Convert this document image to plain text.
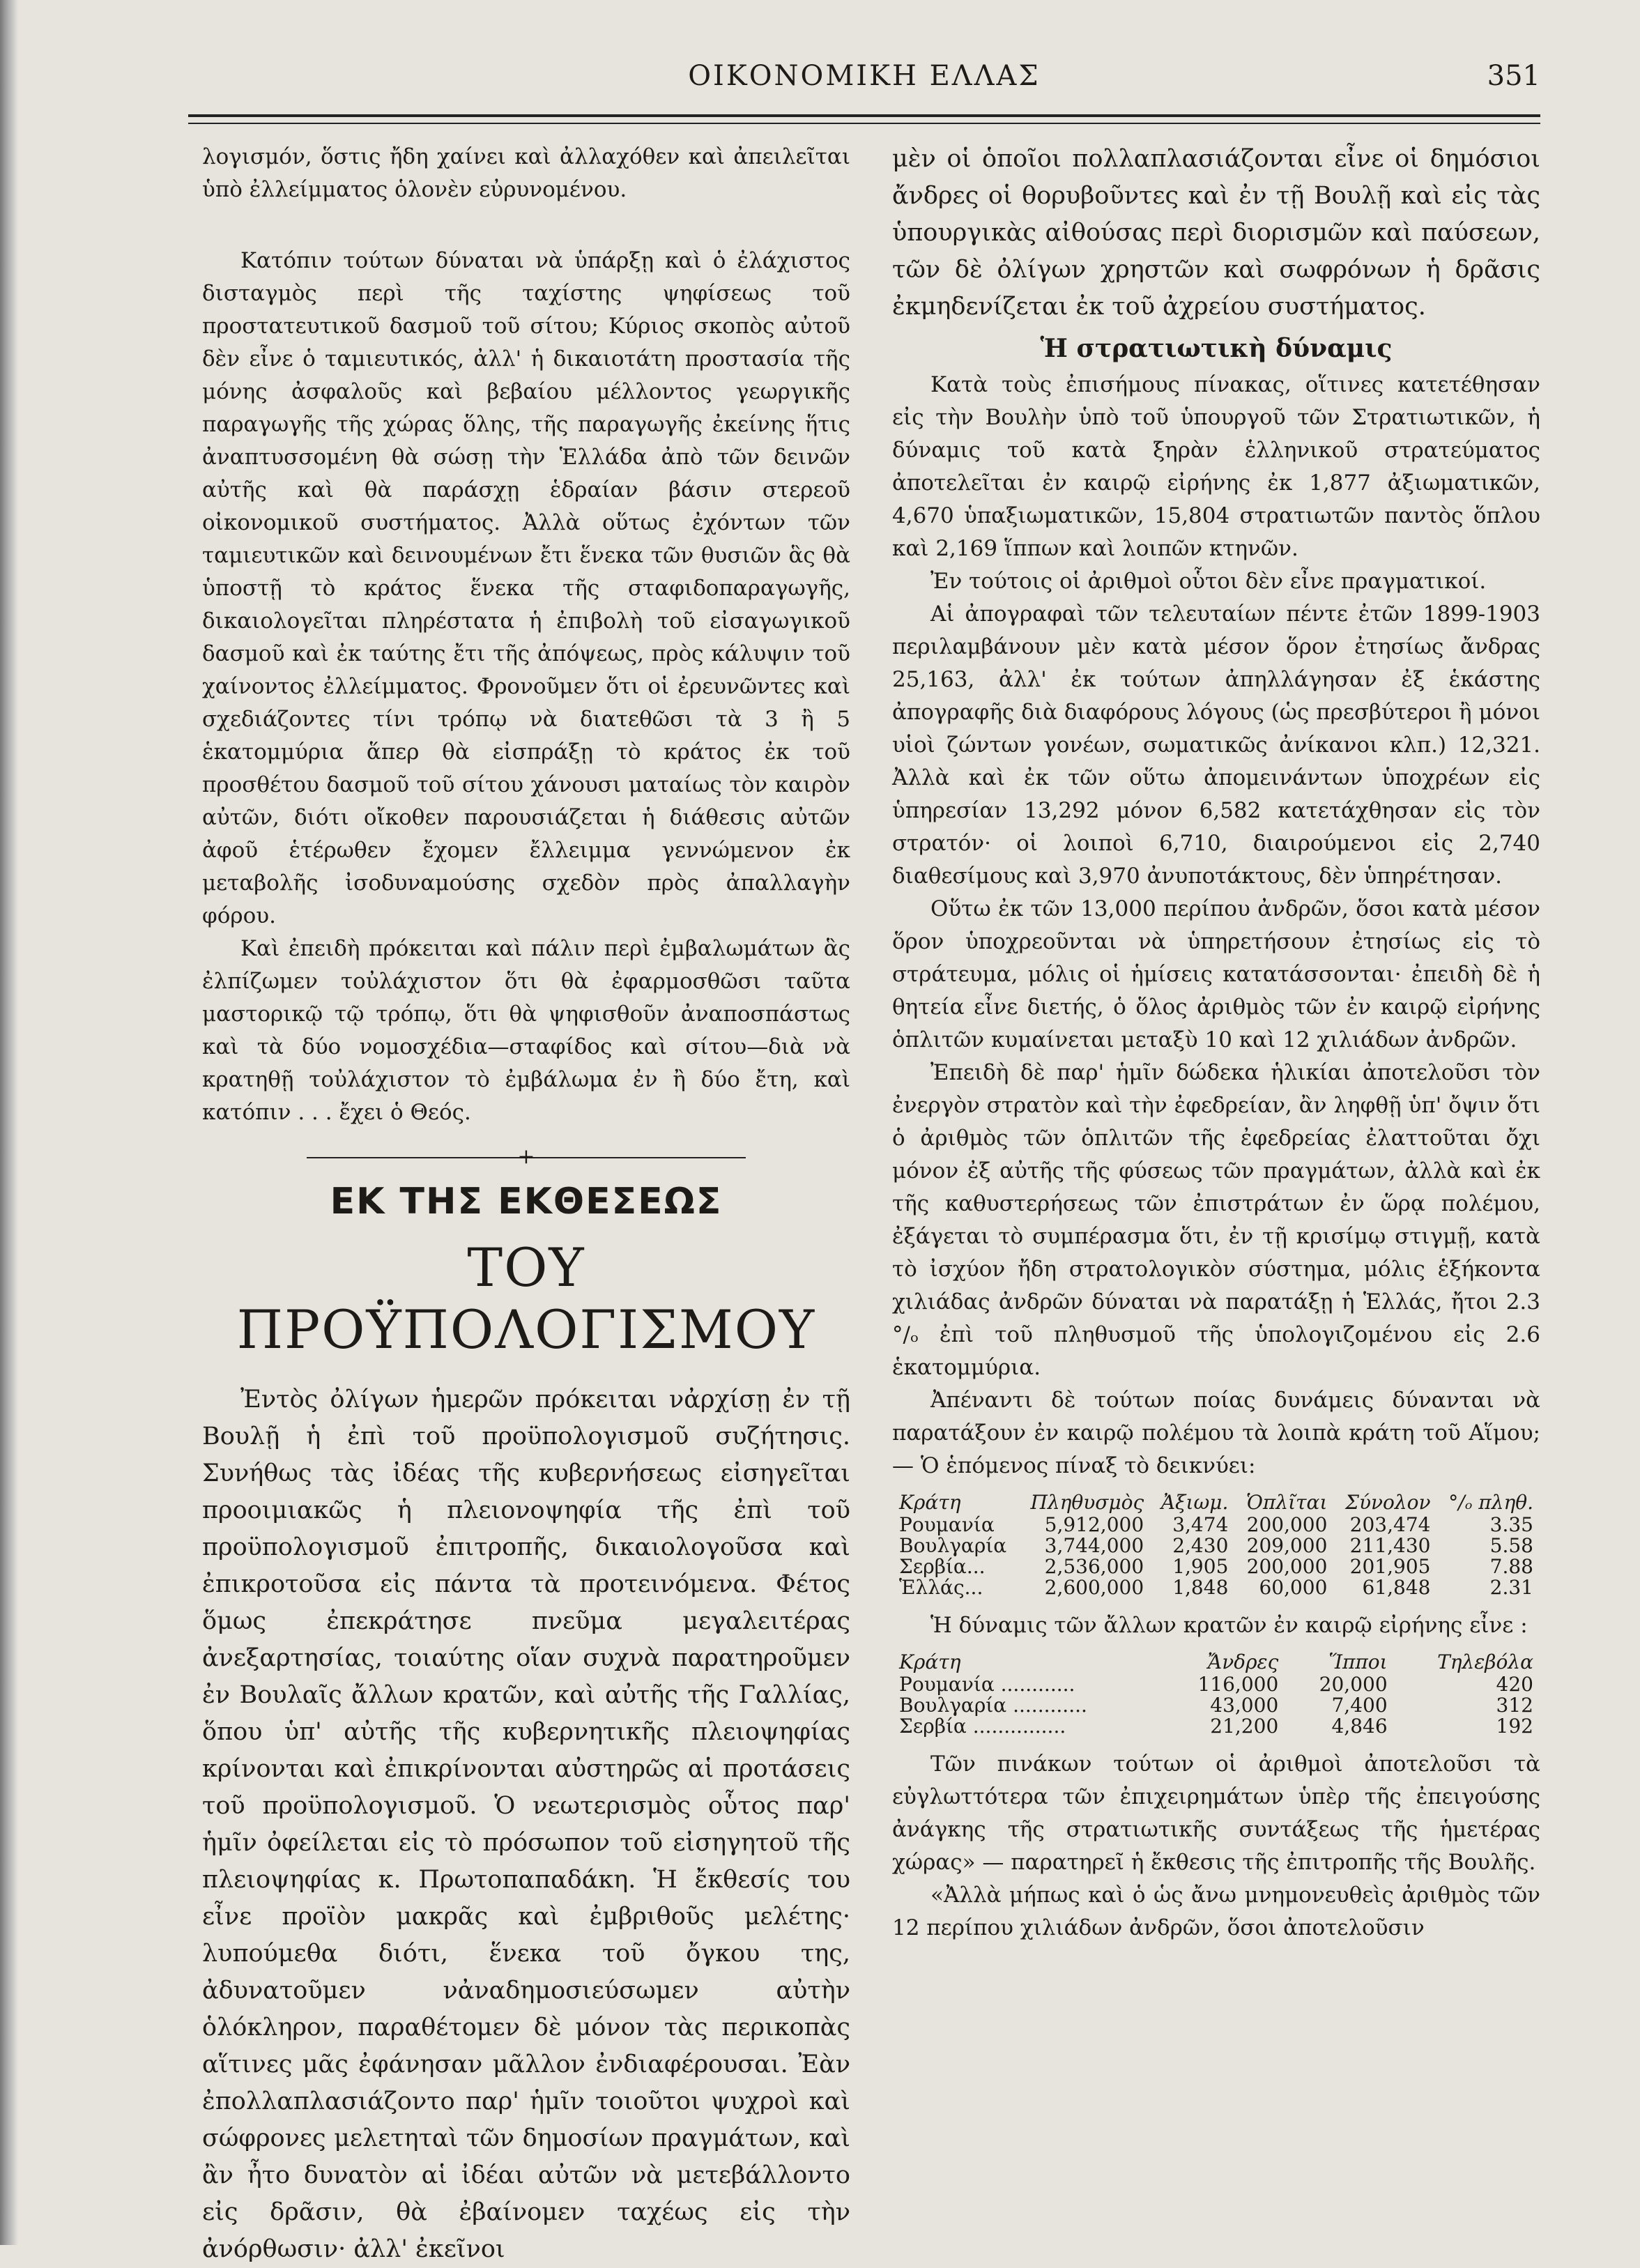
ΟΙΚΟΝΟΜΙΚΗ ΕΛΛΑΣ	351

λογισμόν, ὅστις ἤδη χαίνει καὶ ἀλλαχόθεν καὶ ἀπειλεῖται ὑπὸ ἐλλείμματος ὁλονὲν εὐρυνομένου.

Κατόπιν τούτων δύναται νὰ ὑπάρξῃ καὶ ὁ ἐλάχιστος δισταγμὸς περὶ τῆς ταχίστης ψηφίσεως τοῦ προστατευτικοῦ δασμοῦ τοῦ σίτου; Κύριος σκοπὸς αὐτοῦ δὲν εἶνε ὁ ταμιευτικός, ἀλλ' ἡ δικαιοτάτη προστασία τῆς μόνης ἀσφαλοῦς καὶ βεβαίου μέλλοντος γεωργικῆς παραγωγῆς τῆς χώρας ὅλης, τῆς παραγωγῆς ἐκείνης ἥτις ἀναπτυσσομένη θὰ σώσῃ τὴν Ἑλλάδα ἀπὸ τῶν δεινῶν αὐτῆς καὶ θὰ παράσχῃ ἑδραίαν βάσιν στερεοῦ οἰκονομικοῦ συστήματος. Ἀλλὰ οὕτως ἐχόντων τῶν ταμιευτικῶν καὶ δεινουμένων ἔτι ἕνεκα τῶν θυσιῶν ἃς θὰ ὑποστῇ τὸ κράτος ἕνεκα τῆς σταφιδοπαραγωγῆς, δικαιολογεῖται πληρέστατα ἡ ἐπιβολὴ τοῦ εἰσαγωγικοῦ δασμοῦ καὶ ἐκ ταύτης ἔτι τῆς ἀπόψεως, πρὸς κάλυψιν τοῦ χαίνοντος ἐλλείμματος. Φρονοῦμεν ὅτι οἱ ἐρευνῶντες καὶ σχεδιάζοντες τίνι τρόπῳ νὰ διατεθῶσι τὰ 3 ἢ 5 ἑκατομμύρια ἅπερ θὰ εἰσπράξῃ τὸ κράτος ἐκ τοῦ προσθέτου δασμοῦ τοῦ σίτου χάνουσι ματαίως τὸν καιρὸν αὐτῶν, διότι οἴκοθεν παρουσιάζεται ἡ διάθεσις αὐτῶν ἀφοῦ ἑτέρωθεν ἔχομεν ἔλλειμμα γεννώμενον ἐκ μεταβολῆς ἰσοδυναμούσης σχεδὸν πρὸς ἀπαλλαγὴν φόρου.

Καὶ ἐπειδὴ πρόκειται καὶ πάλιν περὶ ἐμβαλωμάτων ἃς ἐλπίζωμεν τοὐλάχιστον ὅτι θὰ ἐφαρμοσθῶσι ταῦτα μαστορικῷ τῷ τρόπῳ, ὅτι θὰ ψηφισθοῦν ἀναποσπάστως καὶ τὰ δύο νομοσχέδια—σταφίδος καὶ σίτου—διὰ νὰ κρατηθῇ τοὐλάχιστον τὸ ἐμβάλωμα ἐν ἢ δύο ἔτη, καὶ κατόπιν . . . ἔχει ὁ Θεός.

+
ΕΚ ΤΗΣ ΕΚΘΕΣΕΩΣ
ΤΟΥ ΠΡΟΫΠΟΛΟΓΙΣΜΟΥ

Ἐντὸς ὀλίγων ἡμερῶν πρόκειται νἀρχίσῃ ἐν τῇ Βουλῇ ἡ ἐπὶ τοῦ προϋπολογισμοῦ συζήτησις. Συνήθως τὰς ἰδέας τῆς κυβερνήσεως εἰσηγεῖται προοιμιακῶς ἡ πλειονοψηφία τῆς ἐπὶ τοῦ προϋπολογισμοῦ ἐπιτροπῆς, δικαιολογοῦσα καὶ ἐπικροτοῦσα εἰς πάντα τὰ προτεινόμενα. Φέτος ὅμως ἐπεκράτησε πνεῦμα μεγαλειτέρας ἀνεξαρτησίας, τοιαύτης οἵαν συχνὰ παρατηροῦμεν ἐν Βουλαῖς ἄλλων κρατῶν, καὶ αὐτῆς τῆς Γαλλίας, ὅπου ὑπ' αὐτῆς τῆς κυβερνητικῆς πλειοψηφίας κρίνονται καὶ ἐπικρίνονται αὐστηρῶς αἱ προτάσεις τοῦ προϋπολογισμοῦ. Ὁ νεωτερισμὸς οὗτος παρ' ἡμῖν ὀφείλεται εἰς τὸ πρόσωπον τοῦ εἰσηγητοῦ τῆς πλειοψηφίας κ. Πρωτοπαπαδάκη. Ἡ ἔκθεσίς του εἶνε προϊὸν μακρᾶς καὶ ἐμβριθοῦς μελέτης· λυπούμεθα διότι, ἕνεκα τοῦ ὄγκου της, ἀδυνατοῦμεν νἀναδημοσιεύσωμεν αὐτὴν ὁλόκληρον, παραθέτομεν δὲ μόνον τὰς περικοπὰς αἵτινες μᾶς ἐφάνησαν μᾶλλον ἐνδιαφέρουσαι. Ἐὰν ἐπολλαπλασιάζοντο παρ' ἡμῖν τοιοῦτοι ψυχροὶ καὶ σώφρονες μελετηταὶ τῶν δημοσίων πραγμάτων, καὶ ἂν ἦτο δυνατὸν αἱ ἰδέαι αὐτῶν νὰ μετεβάλλοντο εἰς δρᾶσιν, θὰ ἐβαίνομεν ταχέως εἰς τὴν ἀνόρθωσιν· ἀλλ' ἐκεῖνοι

μὲν οἱ ὁποῖοι πολλαπλασιάζονται εἶνε οἱ δημόσιοι ἄνδρες οἱ θορυβοῦντες καὶ ἐν τῇ Βουλῇ καὶ εἰς τὰς ὑπουργικὰς αἰθούσας περὶ διορισμῶν καὶ παύσεων, τῶν δὲ ὀλίγων χρηστῶν καὶ σωφρόνων ἡ δρᾶσις ἐκμηδενίζεται ἐκ τοῦ ἀχρείου συστήματος.

Ἡ στρατιωτικὴ δύναμις

Κατὰ τοὺς ἐπισήμους πίνακας, οἵτινες κατετέθησαν εἰς τὴν Βουλὴν ὑπὸ τοῦ ὑπουργοῦ τῶν Στρατιωτικῶν, ἡ δύναμις τοῦ κατὰ ξηρὰν ἑλληνικοῦ στρατεύματος ἀποτελεῖται ἐν καιρῷ εἰρήνης ἐκ 1,877 ἀξιωματικῶν, 4,670 ὑπαξιωματικῶν, 15,804 στρατιωτῶν παντὸς ὅπλου καὶ 2,169 ἵππων καὶ λοιπῶν κτηνῶν.

Ἐν τούτοις οἱ ἀριθμοὶ οὗτοι δὲν εἶνε πραγματικοί.

Αἱ ἀπογραφαὶ τῶν τελευταίων πέντε ἐτῶν 1899-1903 περιλαμβάνουν μὲν κατὰ μέσον ὅρον ἐτησίως ἄνδρας 25,163, ἀλλ' ἐκ τούτων ἀπηλλάγησαν ἐξ ἑκάστης ἀπογραφῆς διὰ διαφόρους λόγους (ὡς πρεσβύτεροι ἢ μόνοι υἱοὶ ζώντων γονέων, σωματικῶς ἀνίκανοι κλπ.) 12,321. Ἀλλὰ καὶ ἐκ τῶν οὕτω ἀπομεινάντων ὑποχρέων εἰς ὑπηρεσίαν 13,292 μόνον 6,582 κατετάχθησαν εἰς τὸν στρατόν· οἱ λοιποὶ 6,710, διαιρούμενοι εἰς 2,740 διαθεσίμους καὶ 3,970 ἀνυποτάκτους, δὲν ὑπηρέτησαν.

Οὕτω ἐκ τῶν 13,000 περίπου ἀνδρῶν, ὅσοι κατὰ μέσον ὅρον ὑποχρεοῦνται νὰ ὑπηρετήσουν ἐτησίως εἰς τὸ στράτευμα, μόλις οἱ ἡμίσεις κατατάσσονται· ἐπειδὴ δὲ ἡ θητεία εἶνε διετής, ὁ ὅλος ἀριθμὸς τῶν ἐν καιρῷ εἰρήνης ὁπλιτῶν κυμαίνεται μεταξὺ 10 καὶ 12 χιλιάδων ἀνδρῶν.

Ἐπειδὴ δὲ παρ' ἡμῖν δώδεκα ἡλικίαι ἀποτελοῦσι τὸν ἐνεργὸν στρατὸν καὶ τὴν ἐφεδρείαν, ἂν ληφθῇ ὑπ' ὄψιν ὅτι ὁ ἀριθμὸς τῶν ὁπλιτῶν τῆς ἐφεδρείας ἐλαττοῦται ὄχι μόνον ἐξ αὐτῆς τῆς φύσεως τῶν πραγμάτων, ἀλλὰ καὶ ἐκ τῆς καθυστερήσεως τῶν ἐπιστράτων ἐν ὥρᾳ πολέμου, ἐξάγεται τὸ συμπέρασμα ὅτι, ἐν τῇ κρισίμῳ στιγμῇ, κατὰ τὸ ἰσχύον ἤδη στρατολογικὸν σύστημα, μόλις ἑξήκοντα χιλιάδας ἀνδρῶν δύναται νὰ παρατάξῃ ἡ Ἑλλάς, ἤτοι 2.3 °/ₒ ἐπὶ τοῦ πληθυσμοῦ τῆς ὑπολογιζομένου εἰς 2.6 ἑκατομμύρια.

Ἀπέναντι δὲ τούτων ποίας δυνάμεις δύνανται νὰ παρατάξουν ἐν καιρῷ πολέμου τὰ λοιπὰ κράτη τοῦ Αἵμου; — Ὁ ἑπόμενος πίναξ τὸ δεικνύει:

Κράτη	Πληθυσμὸς	Ἀξιωμ.	Ὁπλῖται	Σύνολον	°/ₒ πληθ.
Ρουμανία	5,912,000	3,474	200,000	203,474	3.35
Βουλγαρία	3,744,000	2,430	209,000	211,430	5.58
Σερβία...	2,536,000	1,905	200,000	201,905	7.88
Ἑλλάς...	2,600,000	1,848	60,000	61,848	2.31

Ἡ δύναμις τῶν ἄλλων κρατῶν ἐν καιρῷ εἰρήνης εἶνε :

Κράτη	Ἄνδρες	Ἵπποι	Τηλεβόλα
Ρουμανία ............	116,000	20,000	420
Βουλγαρία ............	43,000	7,400	312
Σερβία ...............	21,200	4,846	192

Τῶν πινάκων τούτων οἱ ἀριθμοὶ ἀποτελοῦσι τὰ εὐγλωττότερα τῶν ἐπιχειρημάτων ὑπὲρ τῆς ἐπειγούσης ἀνάγκης τῆς στρατιωτικῆς συντάξεως τῆς ἡμετέρας χώρας» — παρατηρεῖ ἡ ἔκθεσις τῆς ἐπιτροπῆς τῆς Βουλῆς.

«Ἀλλὰ μήπως καὶ ὁ ὡς ἄνω μνημονευθεὶς ἀριθμὸς τῶν 12 περίπου χιλιάδων ἀνδρῶν, ὅσοι ἀποτελοῦσιν
